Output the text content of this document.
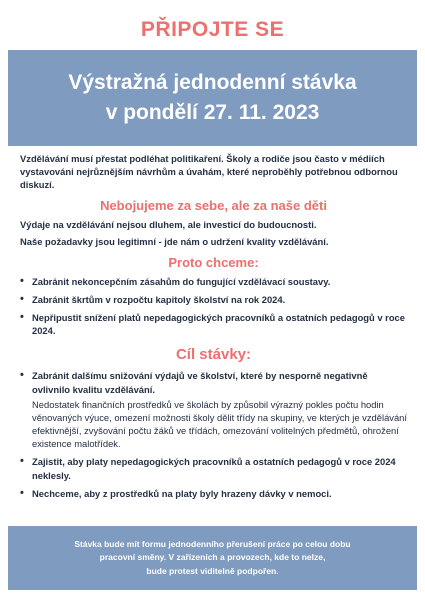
PŘIPOJTE SE
Výstražná jednodenní stávka
v pondělí 27. 11. 2023

Vzdělávání musí přestat podléhat politikaření. Školy a rodiče jsou často v médiích vystavováni nejrůznějším návrhům a úvahám, které neproběhly potřebnou odbornou diskuzí.

Nebojujeme za sebe, ale za naše děti

Výdaje na vzdělávání nejsou dluhem, ale investicí do budoucnosti.

Naše požadavky jsou legitimní - jde nám o udržení kvality vzdělávání.

Proto chceme:
• Zabránit nekoncepčním zásahům do fungující vzdělávací soustavy.
• Zabránit škrtům v rozpočtu kapitoly školství na rok 2024.
• Nepřipustit snížení platů nepedagogických pracovníků a ostatních pedagogů v roce 2024.
Cíl stávky:
• Zabránit dalšímu snižování výdajů ve školství, které by nesporně negativně ovlivnilo kvalitu vzdělávání.

Nedostatek finančních prostředků ve školách by způsobil výrazný pokles počtu hodin věnovaných výuce, omezení možnosti školy dělit třídy na skupiny, ve kterých je vzdělávání efektivnější, zvyšování počtu žáků ve třídách, omezování volitelných předmětů, ohrožení existence malotřídek.

• Zajistit, aby platy nepedagogických pracovníků a ostatních pedagogů v roce 2024 neklesly.
• Nechceme, aby z prostředků na platy byly hrazeny dávky v nemoci.
Stávka bude mít formu jednodenního přerušení práce po celou dobu
pracovní směny. V zařízeních a provozech, kde to nelze,
bude protest viditelně podpořen.
